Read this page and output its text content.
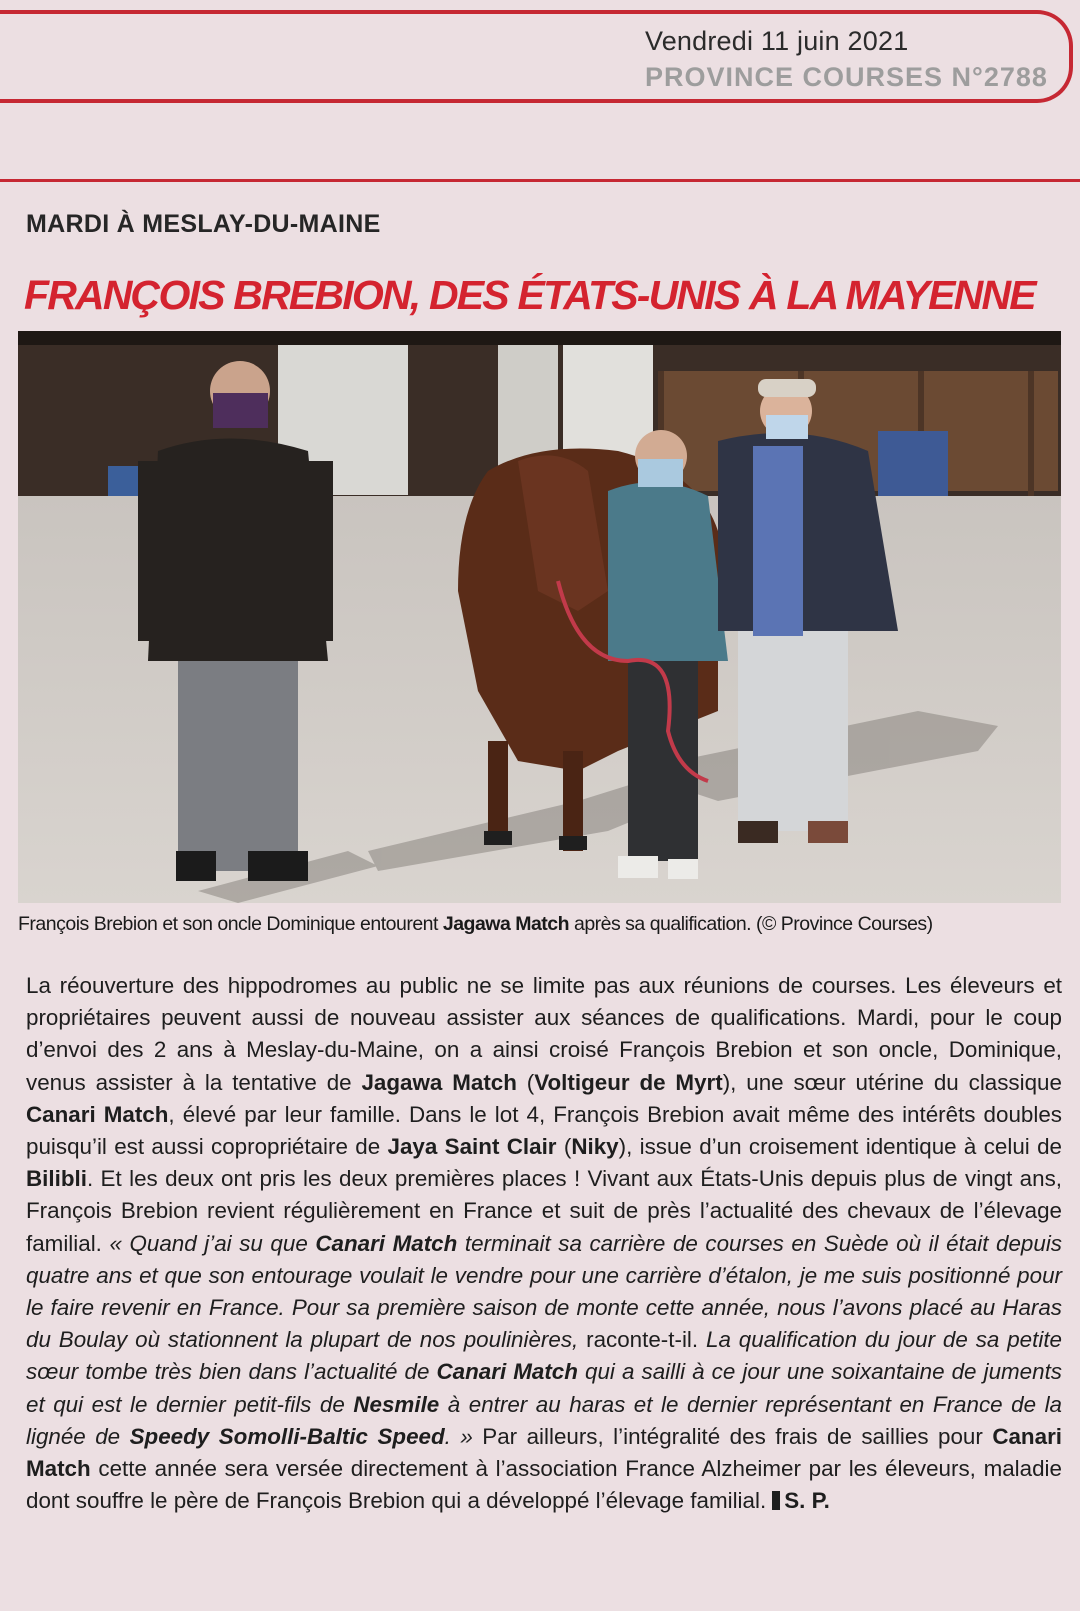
Vendredi 11 juin 2021
PROVINCE COURSES N°2788
MARDI À MESLAY-DU-MAINE
FRANÇOIS BREBION, DES ÉTATS-UNIS À LA MAYENNE
François Brebion et son oncle Dominique entourent Jagawa Match après sa qualification. (© Province Courses)

La réouverture des hippodromes au public ne se limite pas aux réunions de courses. Les éleveurs et propriétaires peuvent aussi de nouveau assister aux séances de qualifications. Mardi, pour le coup d’envoi des 2 ans à Meslay-du-Maine, on a ainsi croisé François Brebion et son oncle, Dominique, venus assister à la tentative de Jagawa Match (Voltigeur de Myrt), une sœur utérine du classique Canari Match, élevé par leur famille. Dans le lot 4, François Brebion avait même des intérêts doubles puisqu’il est aussi copropriétaire de Jaya Saint Clair (Niky), issue d’un croisement identique à celui de Bilibli. Et les deux ont pris les deux premières places ! Vivant aux États-Unis depuis plus de vingt ans, François Brebion revient régulièrement en France et suit de près l’actualité des chevaux de l’élevage familial. « Quand j’ai su que Canari Match terminait sa carrière de courses en Suède où il était depuis quatre ans et que son entourage voulait le vendre pour une carrière d’étalon, je me suis positionné pour le faire revenir en France. Pour sa première saison de monte cette année, nous l’avons placé au Haras du Boulay où stationnent la plupart de nos poulinières, raconte-t-il. La qualification du jour de sa petite sœur tombe très bien dans l’actualité de Canari Match qui a sailli à ce jour une soixantaine de juments et qui est le dernier petit-fils de Nesmile à entrer au haras et le dernier représentant en France de la lignée de Speedy Somolli-Baltic Speed. » Par ailleurs, l’intégralité des frais de saillies pour Canari Match cette année sera versée directement à l’association France Alzheimer par les éleveurs, maladie dont souffre le père de François Brebion qui a développé l’élevage familial. S. P.
